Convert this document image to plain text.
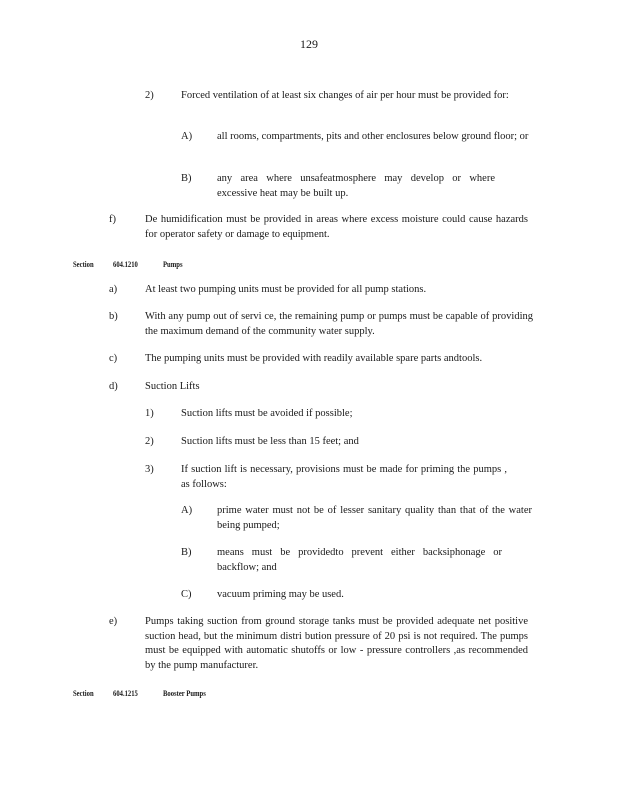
129
2)	Forced ventilation of at least six changes of air per hour must be provided for:
A) all rooms, compartments, pits and other enclosures below ground floor; or
B) any area where unsafeatmosphere may develop or where excessive heat may be built up.
f)	De humidification must be provided in areas where excess moisture could cause hazards for operator safety or damage to equipment.
Section 604.1210	Pumps
a)	At least two pumping units must be provided for all pump stations.
b)	With any pump out of servi ce, the remaining pump or pumps must be capable of providing the maximum demand of the community water supply.
c)	The pumping units must be provided with readily available spare parts andtools.
d)	Suction Lifts
1)	Suction lifts must be avoided if possible;
2)	Suction lifts must be less than 15 feet; and
3)	If suction lift is necessary, provisions must be made for priming the pumps , as follows:
A) prime water must not be of lesser sanitary quality than that of the water being pumped;
B) means must be providedto prevent either backsiphonage or backflow; and
C) vacuum priming may be used.
e)	Pumps taking suction from ground storage tanks must be provided adequate net positive suction head, but the minimum distri bution pressure of 20 psi is not required. The pumps must be equipped with automatic shutoffs or low - pressure controllers ,as recommended by the pump manufacturer.
Section 604.1215	Booster Pumps
